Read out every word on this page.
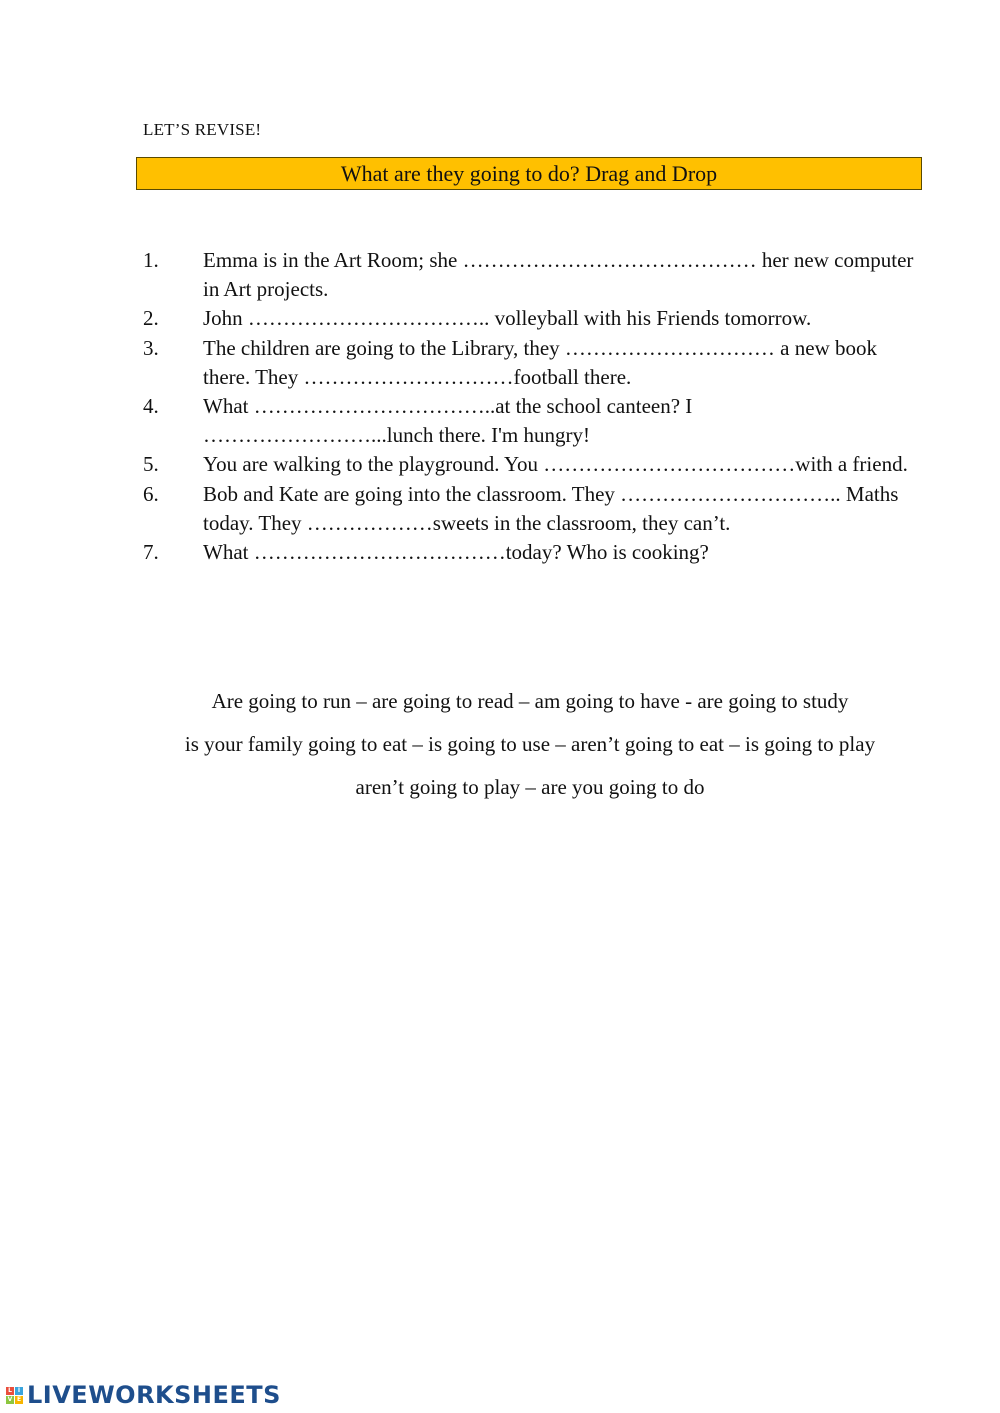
LET’S REVISE!
What are they going to do? Drag and Drop
1.	Emma is in the Art Room; she …………………………………… her new computer in Art projects.
2.	John …………………………….. volleyball with his Friends tomorrow.
3.	The children are going to the Library, they ………………………… a new book there. They …………………………football there.
4.	What ……………………………..at the school canteen? I ……………………...lunch there. I'm hungry!
5.	You are walking to the playground. You ………………………………with a friend.
6.	Bob and Kate are going into the classroom. They ………………………….. Maths today. They ………………sweets in the classroom, they can’t.
7.	What ………………………………today? Who is cooking?
Are going to run – are going to read – am going to have - are going to study
is your family going to eat – is going to use – aren’t going to eat – is going to play
aren’t going to play – are you going to do
L I
V E LIVEWORKSHEETS
